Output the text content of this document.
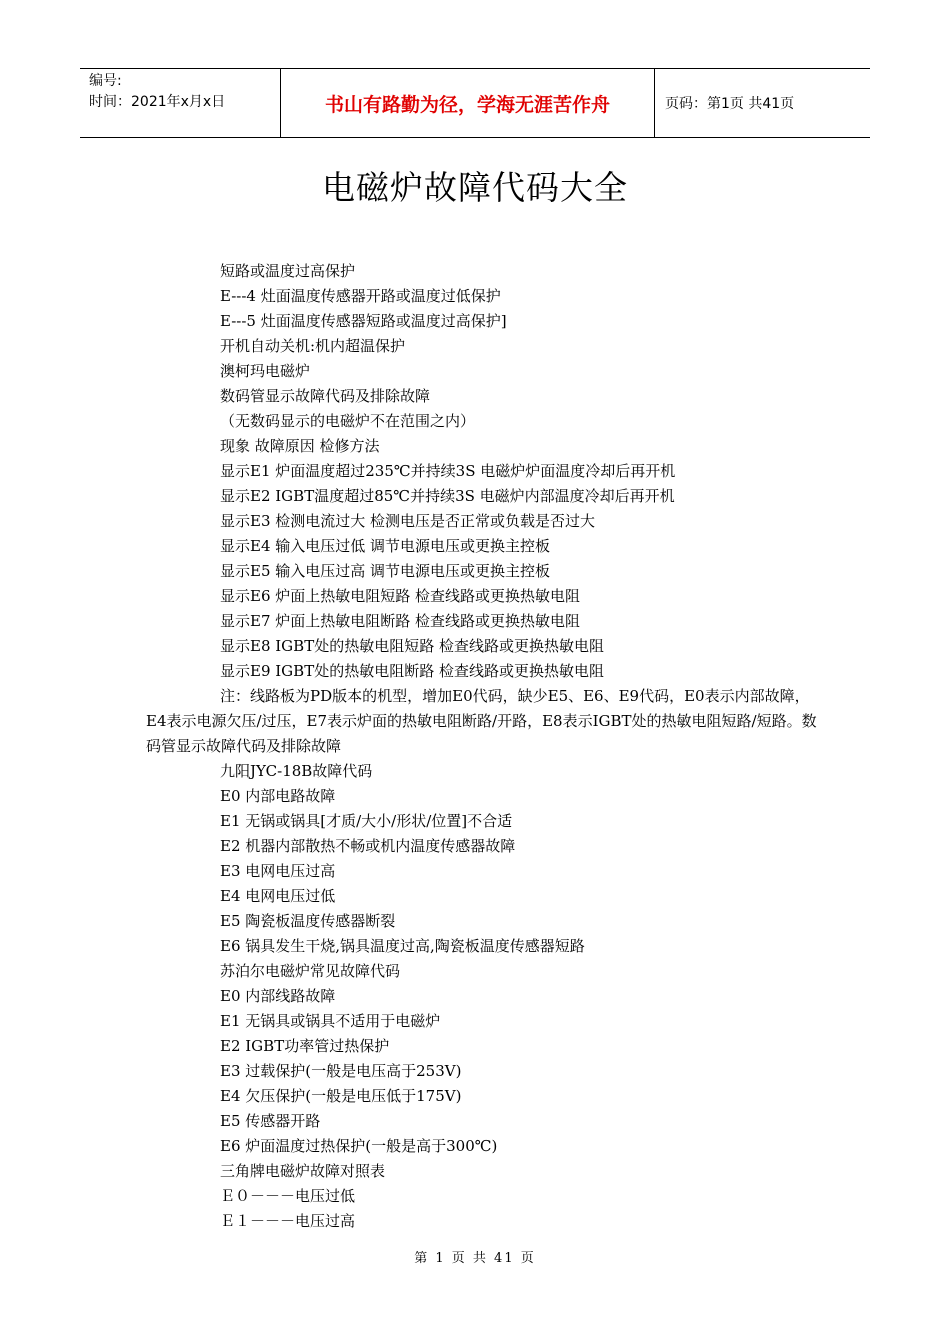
编号:
时间：2021年x月x日	书山有路勤为径，学海无涯苦作舟	页码：第1页 共41页
电磁炉故障代码大全
短路或温度过高保护
E---4 灶面温度传感器开路或温度过低保护
E---5 灶面温度传感器短路或温度过高保护]
开机自动关机:机内超温保护
澳柯玛电磁炉
数码管显示故障代码及排除故障
（无数码显示的电磁炉不在范围之内）
现象 故障原因 检修方法
显示E1 炉面温度超过235℃并持续3S 电磁炉炉面温度冷却后再开机
显示E2 IGBT温度超过85℃并持续3S 电磁炉内部温度冷却后再开机
显示E3 检测电流过大 检测电压是否正常或负载是否过大
显示E4 输入电压过低 调节电源电压或更换主控板
显示E5 输入电压过高 调节电源电压或更换主控板
显示E6 炉面上热敏电阻短路 检查线路或更换热敏电阻
显示E7 炉面上热敏电阻断路 检查线路或更换热敏电阻
显示E8 IGBT处的热敏电阻短路 检查线路或更换热敏电阻
显示E9 IGBT处的热敏电阻断路 检查线路或更换热敏电阻
注：线路板为PD版本的机型，增加E0代码，缺少E5、E6、E9代码，E0表示内部故障，E4表示电源欠压/过压，E7表示炉面的热敏电阻断路/开路，E8表示IGBT处的热敏电阻短路/短路。数码管显示故障代码及排除故障
九阳JYC-18B故障代码
E0 内部电路故障
E1 无锅或锅具[才质/大小/形状/位置]不合适
E2 机器内部散热不畅或机内温度传感器故障
E3 电网电压过高
E4 电网电压过低
E5 陶瓷板温度传感器断裂
E6 锅具发生干烧,锅具温度过高,陶瓷板温度传感器短路
苏泊尔电磁炉常见故障代码
E0 内部线路故障
E1 无锅具或锅具不适用于电磁炉
E2 IGBT功率管过热保护
E3 过载保护(一般是电压高于253V)
E4 欠压保护(一般是电压低于175V)
E5 传感器开路
E6 炉面温度过热保护(一般是高于300℃)
三角牌电磁炉故障对照表
Ｅ０－－－电压过低
Ｅ１－－－电压过高
第 1 页 共 41 页
